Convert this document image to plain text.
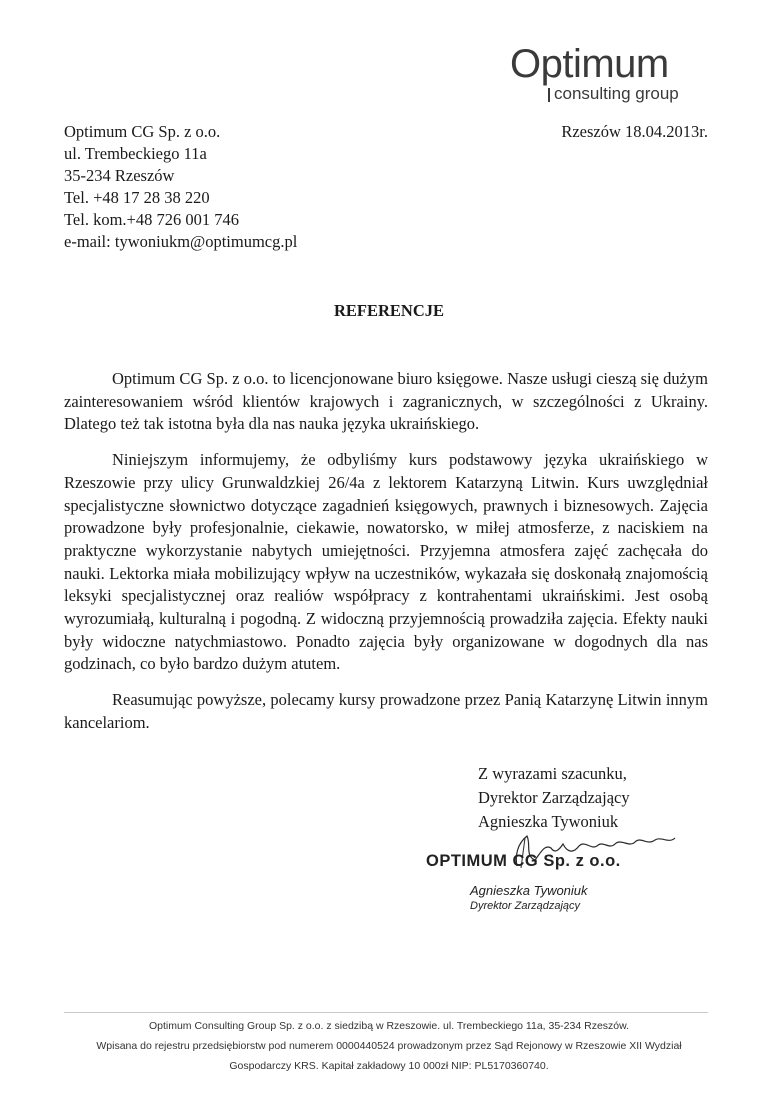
Optimum
consulting group
Optimum CG Sp. z o.o.
ul. Trembeckiego 11a
35-234 Rzeszów
Tel. +48 17 28 38 220
Tel. kom.+48 726 001 746
e-mail: tywoniukm@optimumcg.pl
Rzeszów 18.04.2013r.
REFERENCJE

Optimum CG Sp. z o.o. to licencjonowane biuro księgowe. Nasze usługi cieszą się dużym zainteresowaniem wśród klientów krajowych i zagranicznych, w szczególności z Ukrainy. Dlatego też tak istotna była dla nas nauka języka ukraińskiego.

Niniejszym informujemy, że odbyliśmy kurs podstawowy języka ukraińskiego w Rzeszowie przy ulicy Grunwaldzkiej 26/4a z lektorem Katarzyną Litwin. Kurs uwzględniał specjalistyczne słownictwo dotyczące zagadnień księgowych, prawnych i biznesowych. Zajęcia prowadzone były profesjonalnie, ciekawie, nowatorsko, w miłej atmosferze, z naciskiem na praktyczne wykorzystanie nabytych umiejętności. Przyjemna atmosfera zajęć zachęcała do nauki. Lektorka miała mobilizujący wpływ na uczestników, wykazała się doskonałą znajomością leksyki specjalistycznej oraz realiów współpracy z kontrahentami ukraińskimi. Jest osobą wyrozumiałą, kulturalną i pogodną. Z widoczną przyjemnością prowadziła zajęcia. Efekty nauki były widoczne natychmiastowo. Ponadto zajęcia były organizowane w dogodnych dla nas godzinach, co było bardzo dużym atutem.

Reasumując powyższe, polecamy kursy prowadzone przez Panią Katarzynę Litwin innym kancelariom.

Z wyrazami szacunku,
Dyrektor Zarządzający
Agnieszka Tywoniuk
OPTIMUM CG Sp. z o.o.
Agnieszka Tywoniuk
Dyrektor Zarządzający
Optimum Consulting Group Sp. z o.o. z siedzibą w Rzeszowie. ul. Trembeckiego 11a, 35-234 Rzeszów.
Wpisana do rejestru przedsiębiorstw pod numerem 0000440524 prowadzonym przez Sąd Rejonowy w Rzeszowie XII Wydział
Gospodarczy KRS. Kapitał zakładowy 10 000zł NIP: PL5170360740.
